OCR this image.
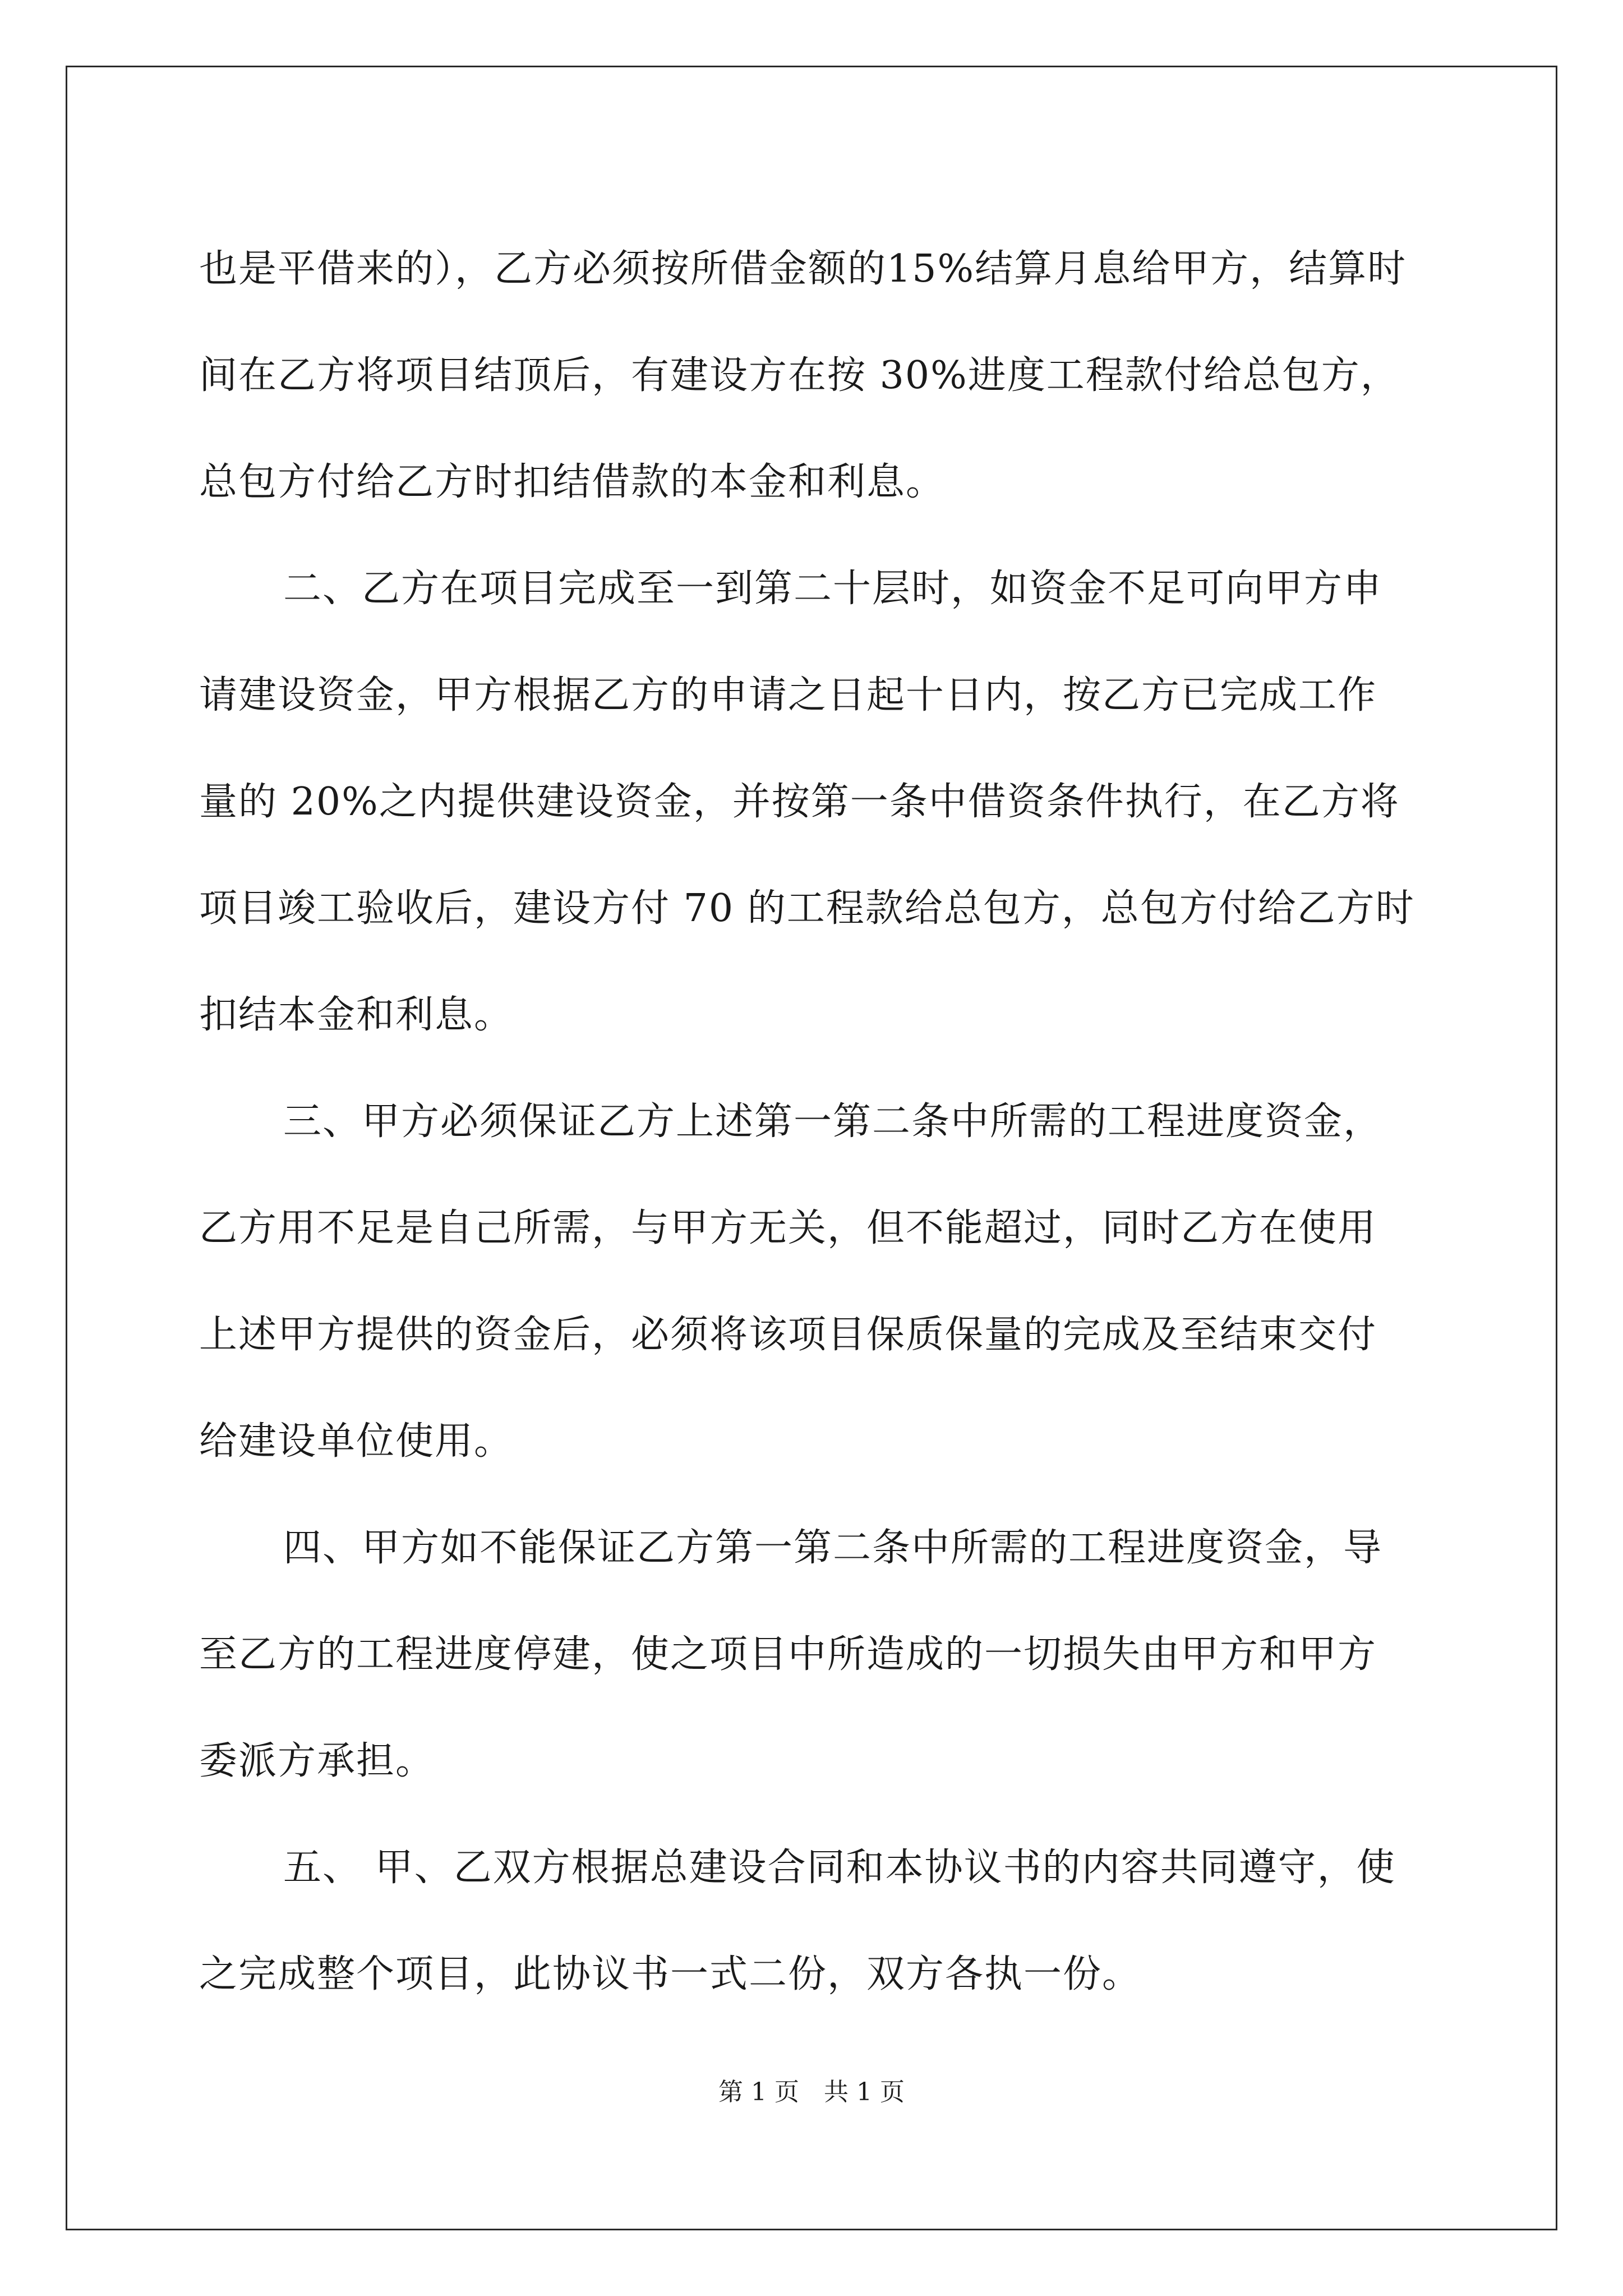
也是平借来的），乙方必须按所借金额的15%结算月息给甲方，结算时
间在乙方将项目结顶后，有建设方在按 30%进度工程款付给总包方，
总包方付给乙方时扣结借款的本金和利息。
二、乙方在项目完成至一到第二十层时，如资金不足可向甲方申
请建设资金，甲方根据乙方的申请之日起十日内，按乙方已完成工作
量的 20%之内提供建设资金，并按第一条中借资条件执行，在乙方将
项目竣工验收后，建设方付 70 的工程款给总包方，总包方付给乙方时
扣结本金和利息。
三、甲方必须保证乙方上述第一第二条中所需的工程进度资金，
乙方用不足是自己所需，与甲方无关，但不能超过，同时乙方在使用
上述甲方提供的资金后，必须将该项目保质保量的完成及至结束交付
给建设单位使用。
四、甲方如不能保证乙方第一第二条中所需的工程进度资金，导
至乙方的工程进度停建，使之项目中所造成的一切损失由甲方和甲方
委派方承担。
五、 甲、乙双方根据总建设合同和本协议书的内容共同遵守，使
之完成整个项目，此协议书一式二份，双方各执一份。
第 1 页　共 1 页
